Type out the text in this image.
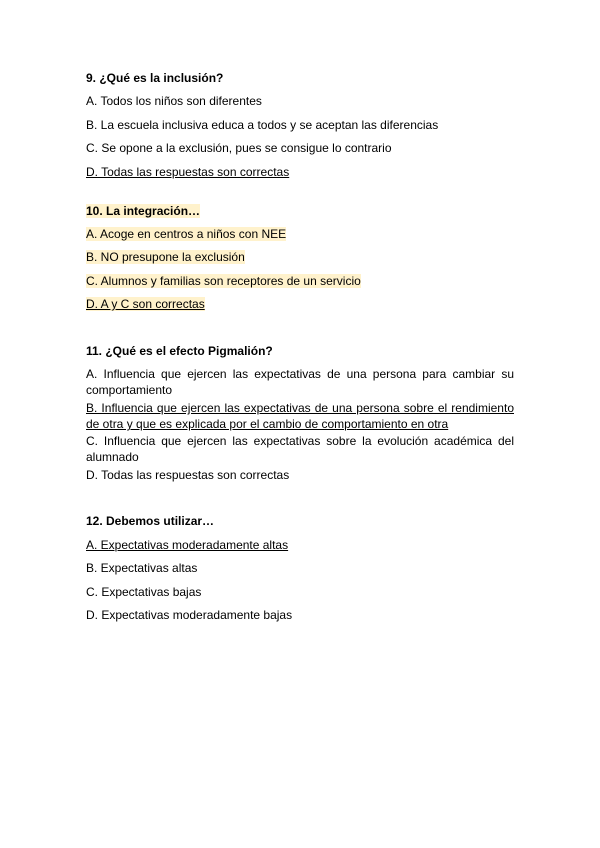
9. ¿Qué es la inclusión?
A. Todos los niños son diferentes
B. La escuela inclusiva educa a todos y se aceptan las diferencias
C. Se opone a la exclusión, pues se consigue lo contrario
D. Todas las respuestas son correctas
10. La integración…
A. Acoge en centros a niños con NEE
B. NO presupone la exclusión
C. Alumnos y familias son receptores de un servicio
D. A y C son correctas
11. ¿Qué es el efecto Pigmalión?
A. Influencia que ejercen las expectativas de una persona para cambiar su
comportamiento
B. Influencia que ejercen las expectativas de una persona sobre el rendimiento
de otra y que es explicada por el cambio de comportamiento en otra
C. Influencia que ejercen las expectativas sobre la evolución académica del
alumnado
D. Todas las respuestas son correctas
12. Debemos utilizar…
A. Expectativas moderadamente altas
B. Expectativas altas
C. Expectativas bajas
D. Expectativas moderadamente bajas
